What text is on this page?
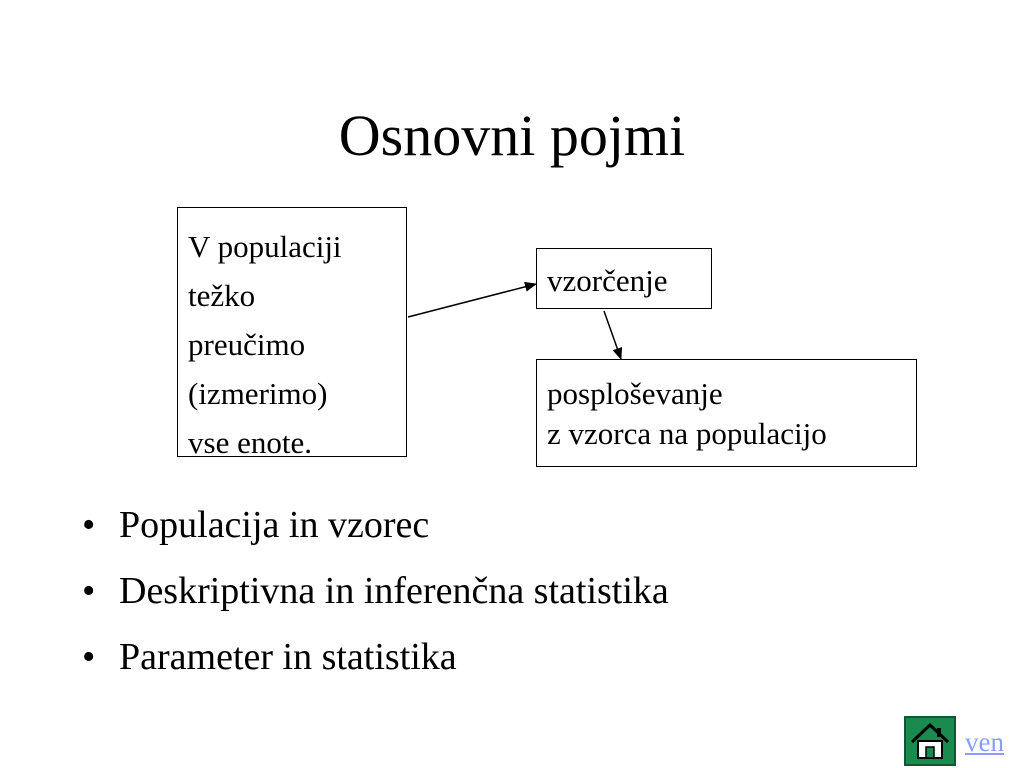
Osnovni pojmi
V populaciji
težko
preučimo
(izmerimo)
vse enote.
vzorčenje
posploševanje
z vzorca na populacijo
• Populacija in vzorec
• Deskriptivna in inferenčna statistika
• Parameter in statistika
ven
